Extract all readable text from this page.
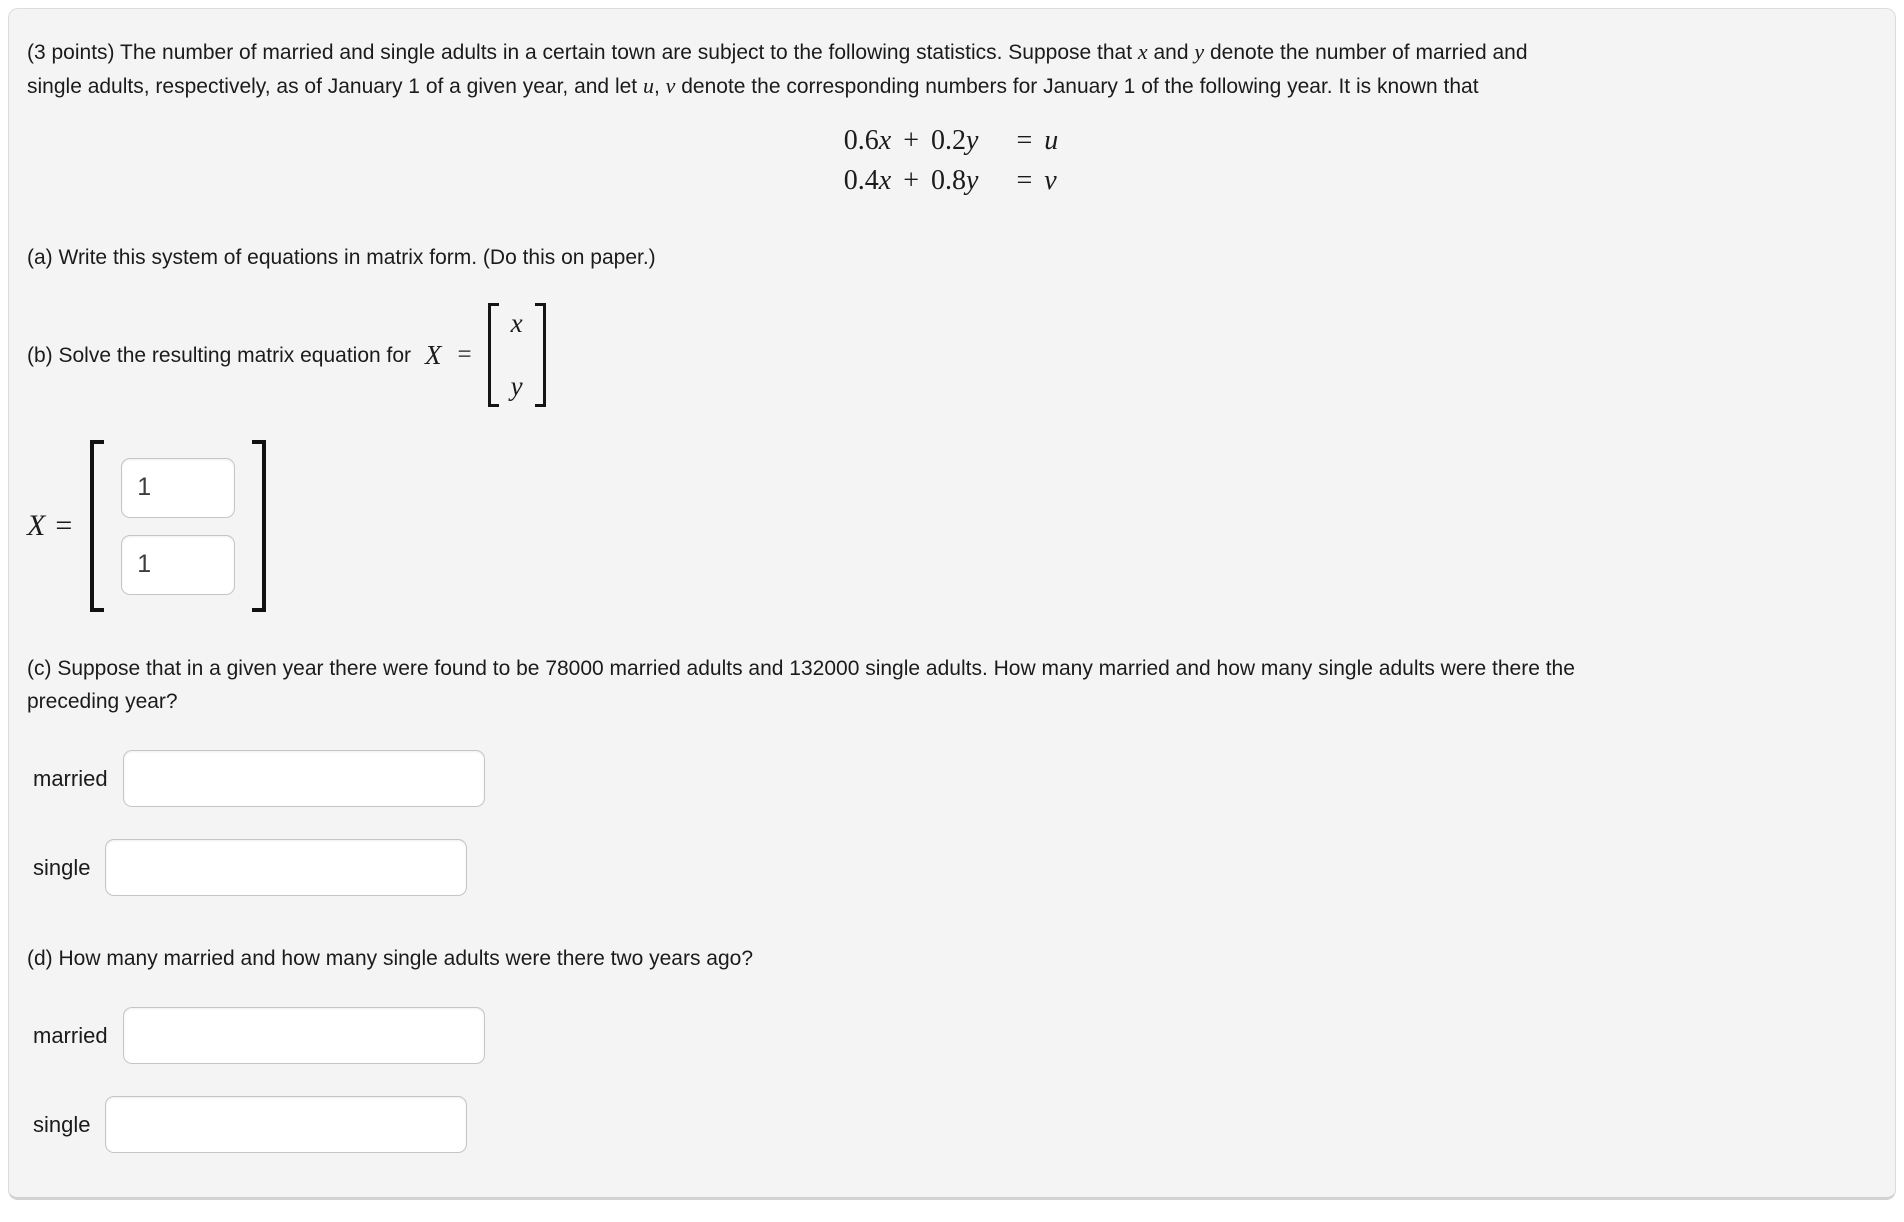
(3 points) The number of married and single adults in a certain town are subject to the following statistics. Suppose that x and y denote the number of married and single adults, respectively, as of January 1 of a given year, and let u, v denote the corresponding numbers for January 1 of the following year. It is known that

0.6x + 0.2y = u
0.4x + 0.8y = v

(a) Write this system of equations in matrix form. (Do this on paper.)

(b) Solve the resulting matrix equation for X =
x
y
X =
1
1

(c) Suppose that in a given year there were found to be 78000 married adults and 132000 single adults. How many married and how many single adults were there the preceding year?

married
single

(d) How many married and how many single adults were there two years ago?

married
single
